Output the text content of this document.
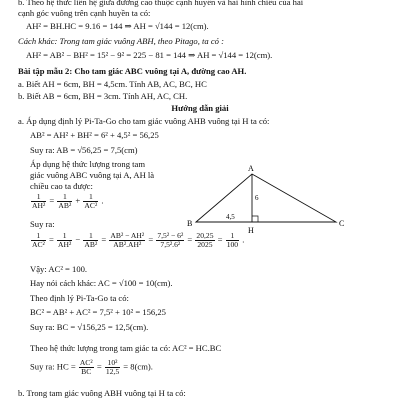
b. Theo hệ thức liên hệ giữa đường cao thuộc cạnh huyền và hai hình chiếu của hai
cạnh góc vuông trên cạnh huyền ta có:
AH² = BH.HC = 9.16 = 144 ⇒ AH = √144 = 12(cm).
Cách khác: Trong tam giác vuông ABH, theo Pitago, ta có :
AH² = AB² − BH² = 15² − 9² = 225 − 81 = 144 ⇒ AH = √144 = 12(cm).
Bài tập mẫu 2: Cho tam giác ABC vuông tại A, đường cao AH.
a. Biết AH = 6cm, BH = 4,5cm. Tính AB, AC, BC, HC
b. Biết AB = 6cm, BH = 3cm. Tính AH, AC, CH.
Hướng dẫn giải
a. Áp dụng định lý Pi-Ta-Go cho tam giác vuông AHB vuông tại H ta có:
AB² = AH² + BH² = 6² + 4,5² = 56,25
Suy ra: AB = √56,25 = 7,5(cm)
Áp dụng hệ thức lượng trong tam
giác vuông ABC vuông tại A, AH là
chiều cao ta được:
$\frac{1}{\text{AH²}} = \frac{1}{\text{AB²}} + \frac{1}{\text{AC²}}$ .
Suy ra:
$\frac{1}{\text{AC²}} = \frac{1}{\text{AH²}} - \frac{1}{\text{AB²}} = \frac{\text{AB² − AH²}}{\text{AB².AH²}} = \frac{\text{7,5² − 6²}}{\text{7,5².6²}} = \frac{20,25}{2025} = \frac{1}{100}$ .
Vậy: AC² = 100.
Hay nói cách khác: AC = √100 = 10(cm).
Theo định lý Pi-Ta-Go ta có:
BC² = AB² + AC² = 7,5² + 10² = 156,25
Suy ra: BC = √156,25 = 12,5(cm).
Theo hệ thức lượng trong tam giác ta có: AC² = HC.BC
Suy ra: HC = $\frac{\text{AC²}}{BC} = \frac{\text{10²}}{12,5} = 8(cm)$.
b. Trong tam giác vuông ABH vuông tại H ta có:
A
B	C
H
6
4,5
